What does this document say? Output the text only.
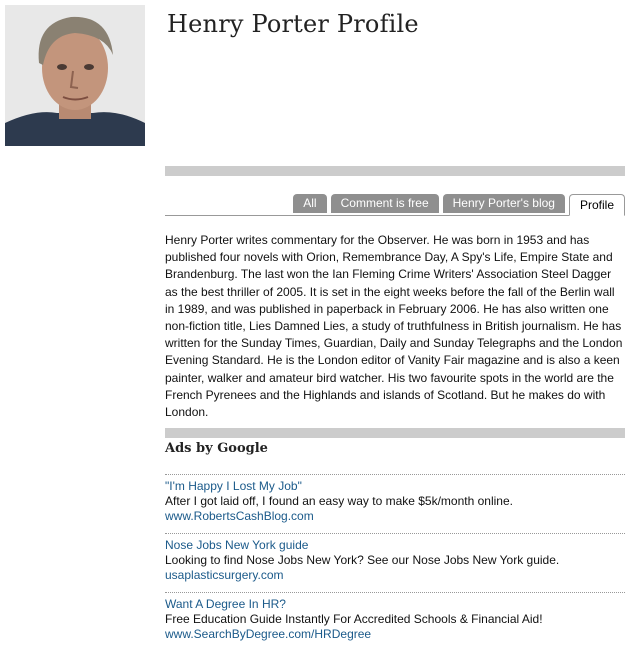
Henry Porter Profile
All	Comment is free	Henry Porter's blog	Profile

Henry Porter writes commentary for the Observer. He was born in 1953 and has published four novels with Orion, Remembrance Day, A Spy's Life, Empire State and Brandenburg. The last won the Ian Fleming Crime Writers' Association Steel Dagger as the best thriller of 2005. It is set in the eight weeks before the fall of the Berlin wall in 1989, and was published in paperback in February 2006. He has also written one non-fiction title, Lies Damned Lies, a study of truthfulness in British journalism. He has written for the Sunday Times, Guardian, Daily and Sunday Telegraphs and the London Evening Standard. He is the London editor of Vanity Fair magazine and is also a keen painter, walker and amateur bird watcher. His two favourite spots in the world are the French Pyrenees and the Highlands and islands of Scotland. But he makes do with London.

Ads by Google
"I'm Happy I Lost My Job"
After I got laid off, I found an easy way to make $5k/month online.
www.RobertsCashBlog.com
Nose Jobs New York guide
Looking to find Nose Jobs New York? See our Nose Jobs New York guide.
usaplasticsurgery.com
Want A Degree In HR?
Free Education Guide Instantly For Accredited Schools & Financial Aid!
www.SearchByDegree.com/HRDegree
